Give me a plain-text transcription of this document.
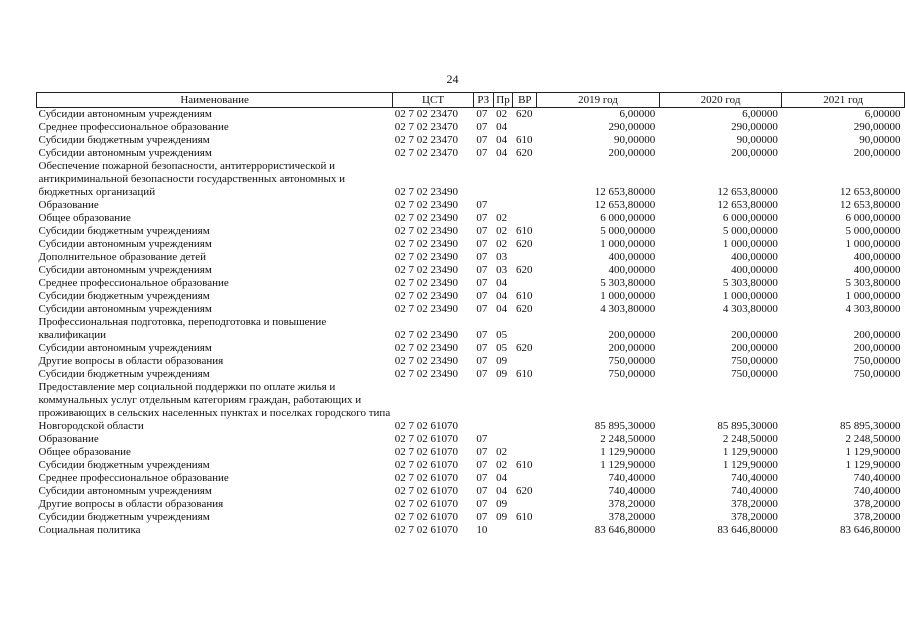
24
Наименование	ЦСТ	РЗ	Пр	ВР	2019 год	2020 год	2021 год
Субсидии автономным учреждениям	02 7 02 23470	07	02	620	6,00000	6,00000	6,00000
Среднее профессиональное образование	02 7 02 23470	07	04		290,00000	290,00000	290,00000
Субсидии бюджетным учреждениям	02 7 02 23470	07	04	610	90,00000	90,00000	90,00000
Субсидии автономным учреждениям	02 7 02 23470	07	04	620	200,00000	200,00000	200,00000
Обеспечение пожарной безопасности, антитеррористической и антикриминальной безопасности государственных автономных и бюджетных организаций	02 7 02 23490				12 653,80000	12 653,80000	12 653,80000
Образование	02 7 02 23490	07			12 653,80000	12 653,80000	12 653,80000
Общее образование	02 7 02 23490	07	02		6 000,00000	6 000,00000	6 000,00000
Субсидии бюджетным учреждениям	02 7 02 23490	07	02	610	5 000,00000	5 000,00000	5 000,00000
Субсидии автономным учреждениям	02 7 02 23490	07	02	620	1 000,00000	1 000,00000	1 000,00000
Дополнительное образование детей	02 7 02 23490	07	03		400,00000	400,00000	400,00000
Субсидии автономным учреждениям	02 7 02 23490	07	03	620	400,00000	400,00000	400,00000
Среднее профессиональное образование	02 7 02 23490	07	04		5 303,80000	5 303,80000	5 303,80000
Субсидии бюджетным учреждениям	02 7 02 23490	07	04	610	1 000,00000	1 000,00000	1 000,00000
Субсидии автономным учреждениям	02 7 02 23490	07	04	620	4 303,80000	4 303,80000	4 303,80000
Профессиональная подготовка, переподготовка и повышение квалификации	02 7 02 23490	07	05		200,00000	200,00000	200,00000
Субсидии автономным учреждениям	02 7 02 23490	07	05	620	200,00000	200,00000	200,00000
Другие вопросы в области образования	02 7 02 23490	07	09		750,00000	750,00000	750,00000
Субсидии бюджетным учреждениям	02 7 02 23490	07	09	610	750,00000	750,00000	750,00000
Предоставление мер социальной поддержки по оплате жилья и коммунальных услуг отдельным категориям граждан, работающих и проживающих в сельских населенных пунктах и поселках городского типа Новгородской области	02 7 02 61070				85 895,30000	85 895,30000	85 895,30000
Образование	02 7 02 61070	07			2 248,50000	2 248,50000	2 248,50000
Общее образование	02 7 02 61070	07	02		1 129,90000	1 129,90000	1 129,90000
Субсидии бюджетным учреждениям	02 7 02 61070	07	02	610	1 129,90000	1 129,90000	1 129,90000
Среднее профессиональное образование	02 7 02 61070	07	04		740,40000	740,40000	740,40000
Субсидии автономным учреждениям	02 7 02 61070	07	04	620	740,40000	740,40000	740,40000
Другие вопросы в области образования	02 7 02 61070	07	09		378,20000	378,20000	378,20000
Субсидии бюджетным учреждениям	02 7 02 61070	07	09	610	378,20000	378,20000	378,20000
Социальная политика	02 7 02 61070	10			83 646,80000	83 646,80000	83 646,80000
